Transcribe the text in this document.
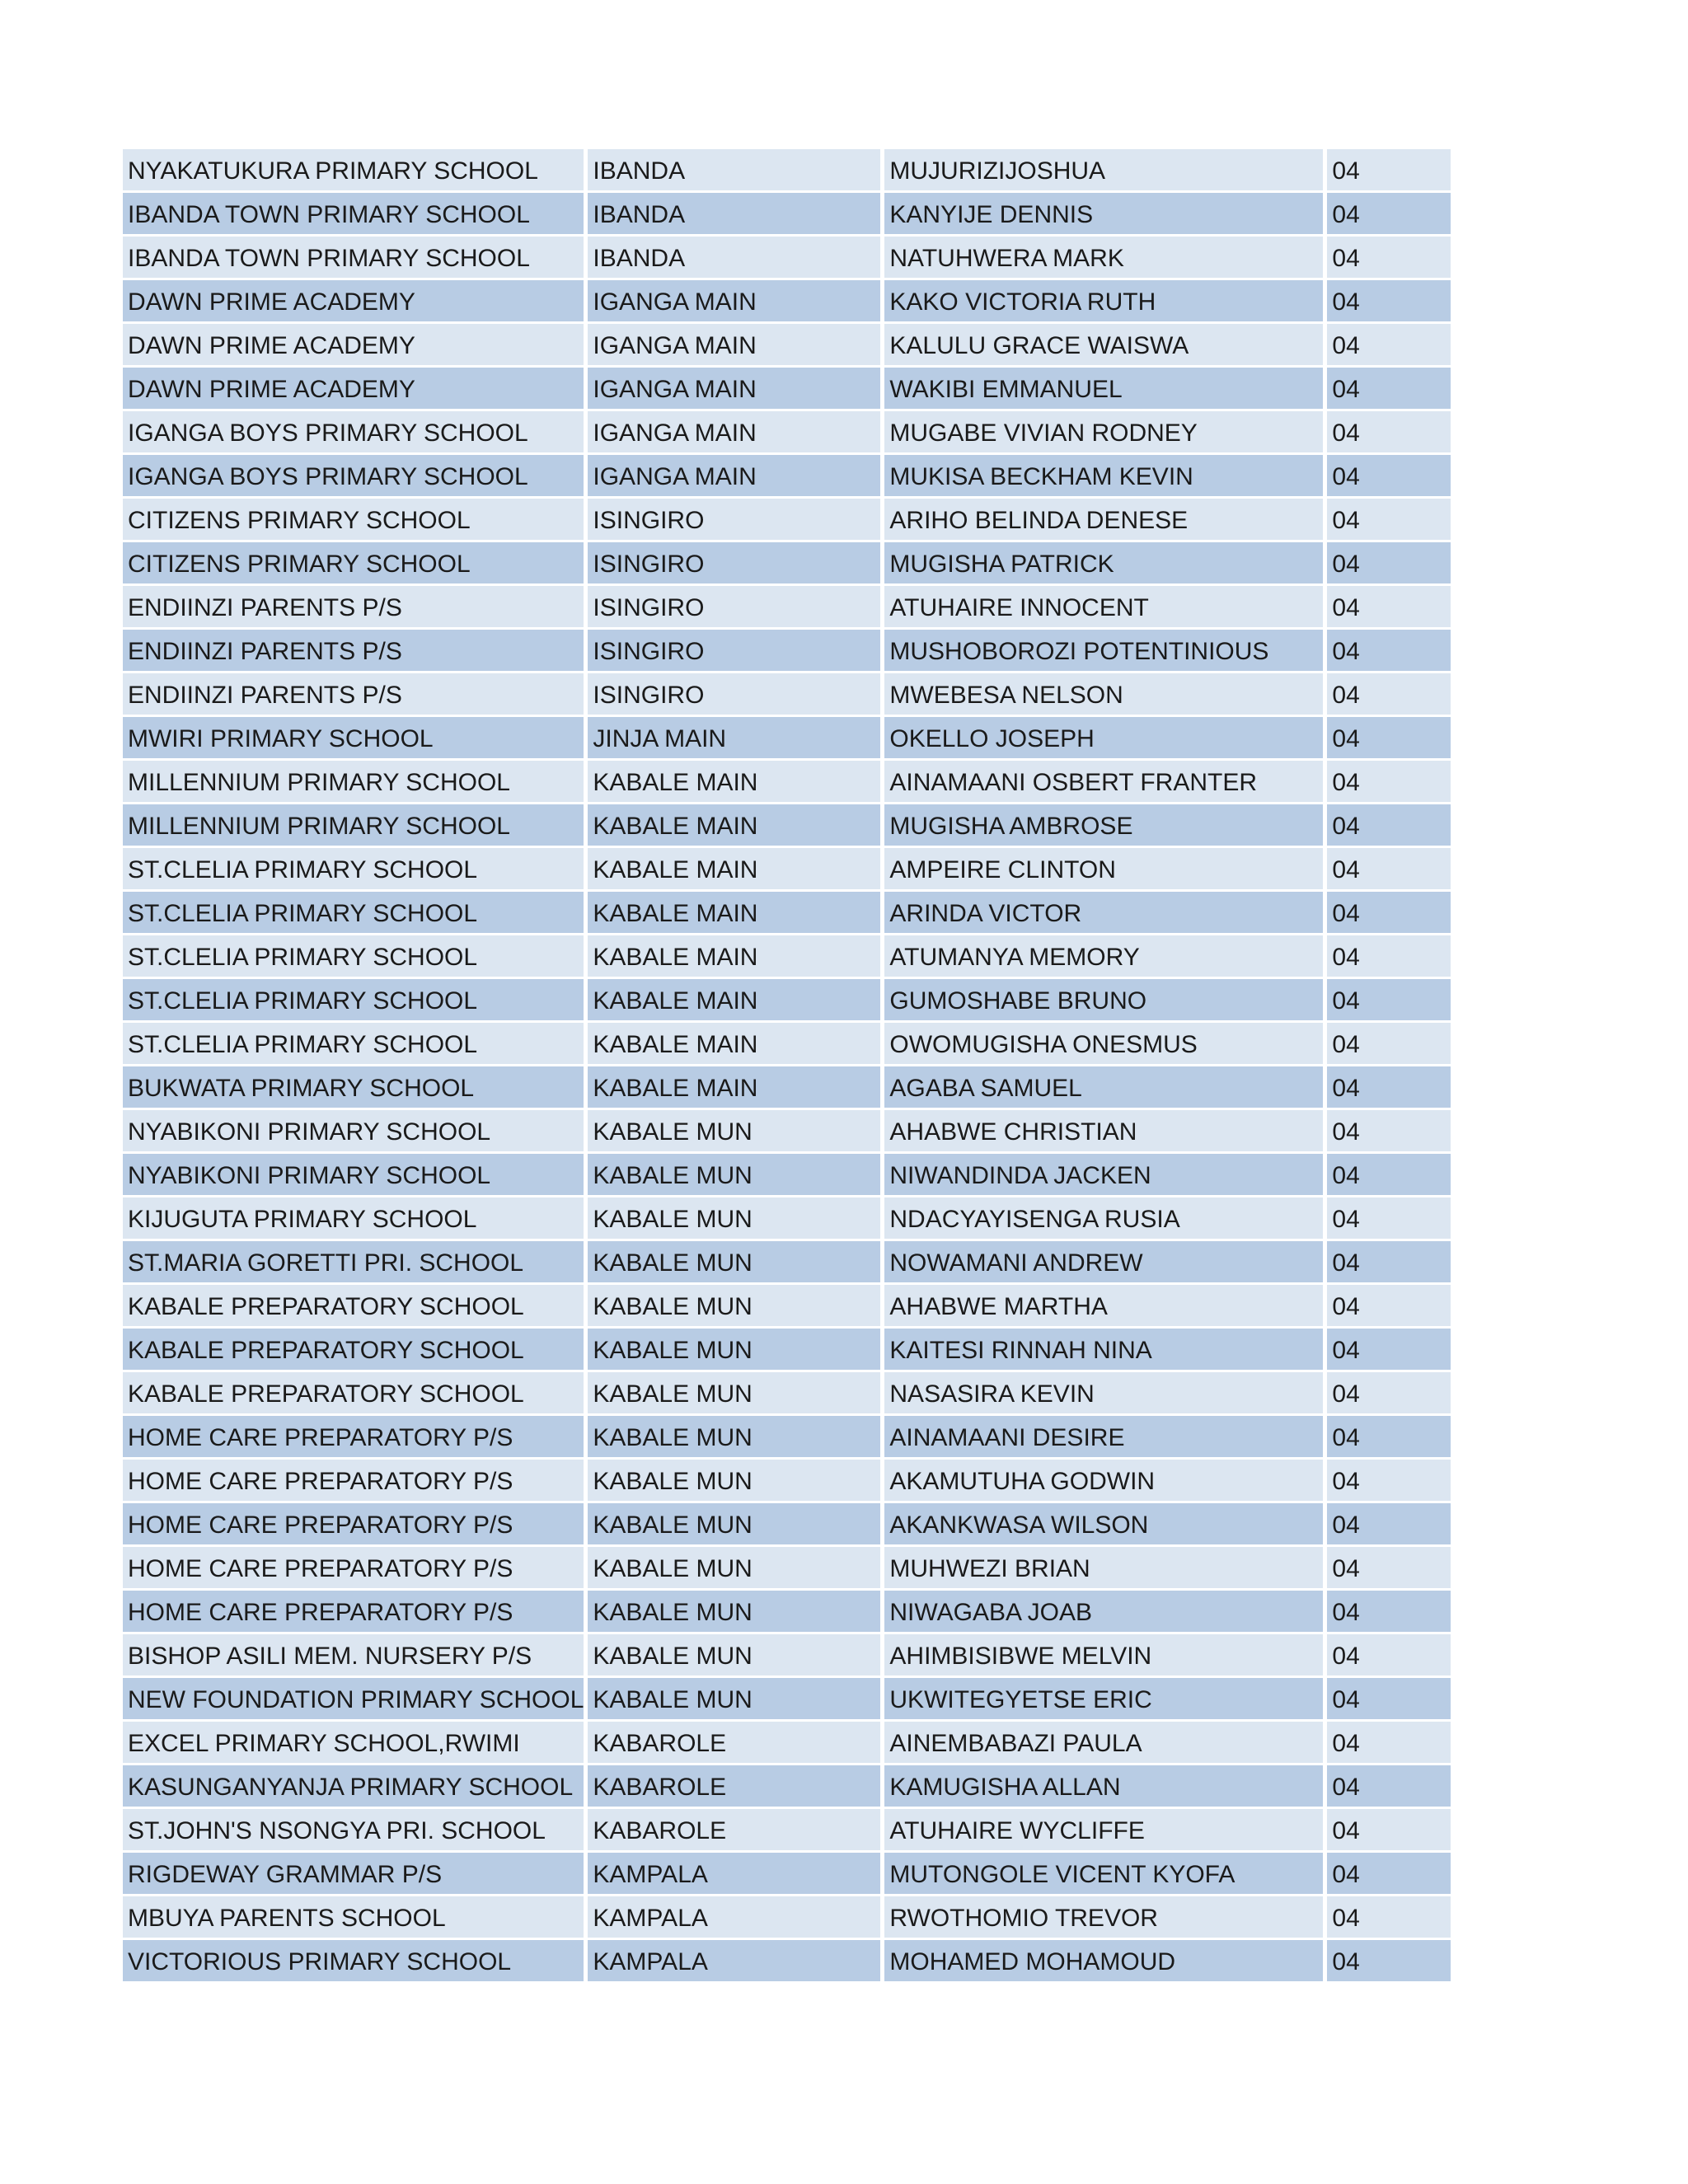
NYAKATUKURA PRIMARY SCHOOL	IBANDA	MUJURIZIJOSHUA	04
IBANDA TOWN PRIMARY SCHOOL	IBANDA	KANYIJE DENNIS	04
IBANDA TOWN PRIMARY SCHOOL	IBANDA	NATUHWERA MARK	04
DAWN PRIME ACADEMY	IGANGA MAIN	KAKO VICTORIA RUTH	04
DAWN PRIME ACADEMY	IGANGA MAIN	KALULU GRACE WAISWA	04
DAWN PRIME ACADEMY	IGANGA MAIN	WAKIBI EMMANUEL	04
IGANGA BOYS PRIMARY SCHOOL	IGANGA MAIN	MUGABE VIVIAN RODNEY	04
IGANGA BOYS PRIMARY SCHOOL	IGANGA MAIN	MUKISA BECKHAM KEVIN	04
CITIZENS PRIMARY SCHOOL	ISINGIRO	ARIHO BELINDA DENESE	04
CITIZENS PRIMARY SCHOOL	ISINGIRO	MUGISHA PATRICK	04
ENDIINZI PARENTS P/S	ISINGIRO	ATUHAIRE INNOCENT	04
ENDIINZI PARENTS P/S	ISINGIRO	MUSHOBOROZI POTENTINIOUS	04
ENDIINZI PARENTS P/S	ISINGIRO	MWEBESA NELSON	04
MWIRI PRIMARY SCHOOL	JINJA MAIN	OKELLO JOSEPH	04
MILLENNIUM PRIMARY SCHOOL	KABALE MAIN	AINAMAANI OSBERT FRANTER	04
MILLENNIUM PRIMARY SCHOOL	KABALE MAIN	MUGISHA AMBROSE	04
ST.CLELIA PRIMARY SCHOOL	KABALE MAIN	AMPEIRE CLINTON	04
ST.CLELIA PRIMARY SCHOOL	KABALE MAIN	ARINDA VICTOR	04
ST.CLELIA PRIMARY SCHOOL	KABALE MAIN	ATUMANYA MEMORY	04
ST.CLELIA PRIMARY SCHOOL	KABALE MAIN	GUMOSHABE BRUNO	04
ST.CLELIA PRIMARY SCHOOL	KABALE MAIN	OWOMUGISHA ONESMUS	04
BUKWATA PRIMARY SCHOOL	KABALE MAIN	AGABA SAMUEL	04
NYABIKONI PRIMARY SCHOOL	KABALE MUN	AHABWE CHRISTIAN	04
NYABIKONI PRIMARY SCHOOL	KABALE MUN	NIWANDINDA JACKEN	04
KIJUGUTA PRIMARY SCHOOL	KABALE MUN	NDACYAYISENGA RUSIA	04
ST.MARIA GORETTI PRI. SCHOOL	KABALE MUN	NOWAMANI ANDREW	04
KABALE PREPARATORY SCHOOL	KABALE MUN	AHABWE MARTHA	04
KABALE PREPARATORY SCHOOL	KABALE MUN	KAITESI RINNAH NINA	04
KABALE PREPARATORY SCHOOL	KABALE MUN	NASASIRA KEVIN	04
HOME CARE PREPARATORY P/S	KABALE MUN	AINAMAANI DESIRE	04
HOME CARE PREPARATORY P/S	KABALE MUN	AKAMUTUHA GODWIN	04
HOME CARE PREPARATORY P/S	KABALE MUN	AKANKWASA WILSON	04
HOME CARE PREPARATORY P/S	KABALE MUN	MUHWEZI BRIAN	04
HOME CARE PREPARATORY P/S	KABALE MUN	NIWAGABA JOAB	04
BISHOP ASILI MEM. NURSERY P/S	KABALE MUN	AHIMBISIBWE MELVIN	04
NEW FOUNDATION PRIMARY SCHOOL	KABALE MUN	UKWITEGYETSE ERIC	04
EXCEL PRIMARY SCHOOL,RWIMI	KABAROLE	AINEMBABAZI PAULA	04
KASUNGANYANJA PRIMARY SCHOOL	KABAROLE	KAMUGISHA ALLAN	04
ST.JOHN'S NSONGYA PRI. SCHOOL	KABAROLE	ATUHAIRE WYCLIFFE	04
RIGDEWAY GRAMMAR P/S	KAMPALA	MUTONGOLE VICENT KYOFA	04
MBUYA PARENTS SCHOOL	KAMPALA	RWOTHOMIO TREVOR	04
VICTORIOUS PRIMARY SCHOOL	KAMPALA	MOHAMED MOHAMOUD	04
